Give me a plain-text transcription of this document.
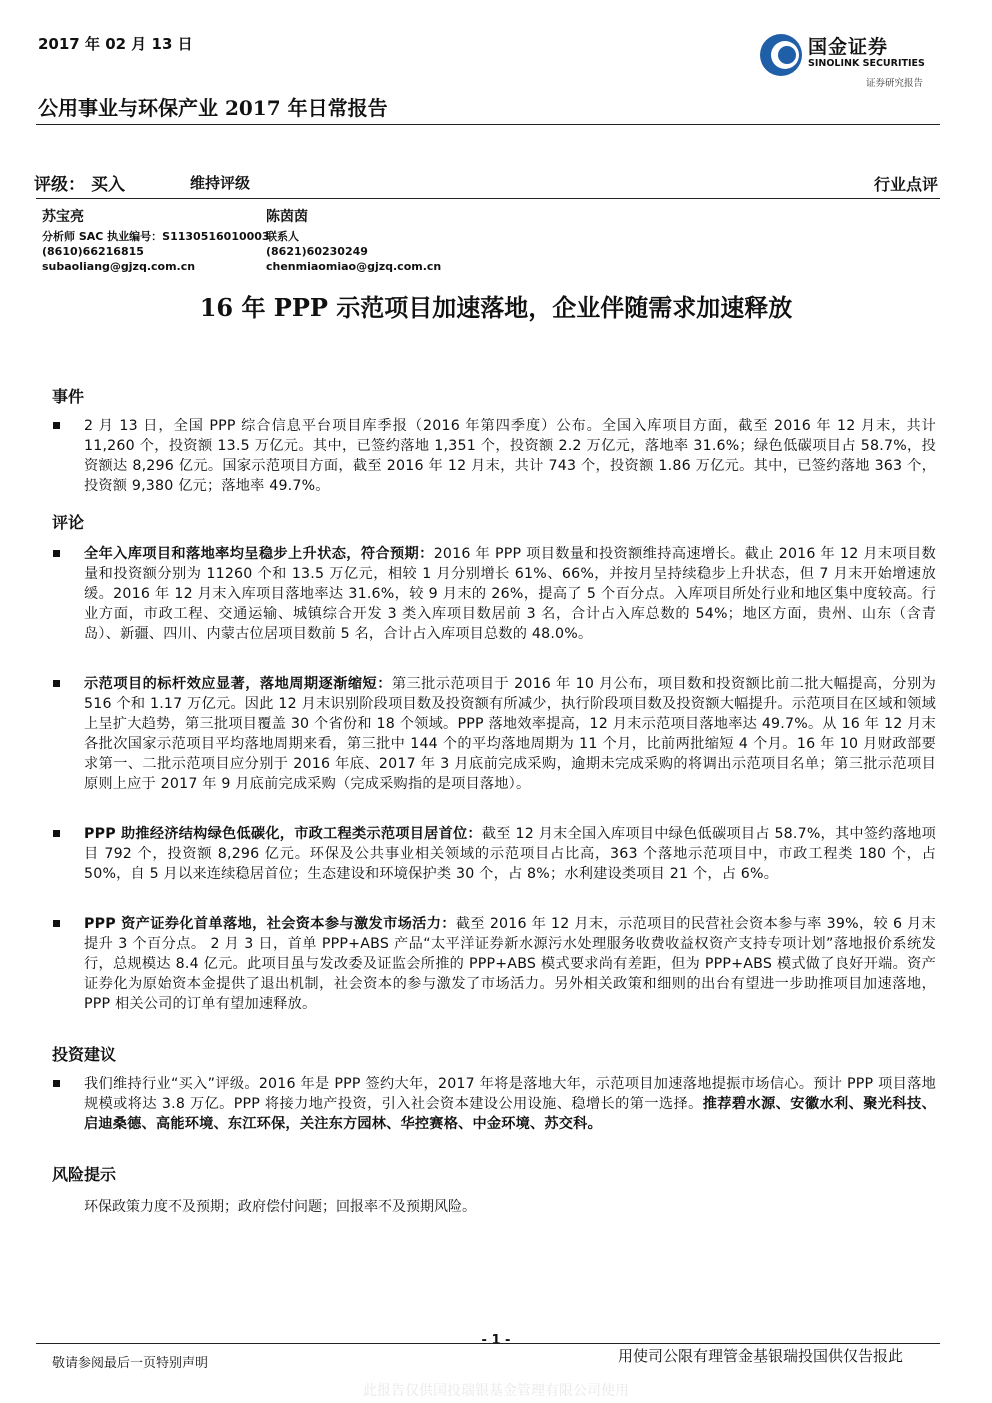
2017 年 02 月 13 日	国金证券
SINOLINK SECURITIES
证券研究报告
公用事业与环保产业 2017 年日常报告
评级： 买入	维持评级	行业点评
苏宝亮
分析师 SAC 执业编号：S1130516010003
(8610)66216815
subaoliang@gjzq.com.cn
陈茵茵
联系人
(8621)60230249
chenmiaomiao@gjzq.com.cn
16 年 PPP 示范项目加速落地，企业伴随需求加速释放
事件
2 月 13 日，全国 PPP 综合信息平台项目库季报（2016 年第四季度）公布。全国入库项目方面，截至 2016 年 12 月末，共计 11,260 个，投资额 13.5 万亿元。其中，已签约落地 1,351 个，投资额 2.2 万亿元，落地率 31.6%；绿色低碳项目占 58.7%，投资额达 8,296 亿元。国家示范项目方面，截至 2016 年 12 月末，共计 743 个，投资额 1.86 万亿元。其中，已签约落地 363 个，投资额 9,380 亿元；落地率 49.7%。
评论
全年入库项目和落地率均呈稳步上升状态，符合预期：2016 年 PPP 项目数量和投资额维持高速增长。截止 2016 年 12 月末项目数量和投资额分别为 11260 个和 13.5 万亿元，相较 1 月分别增长 61%、66%，并按月呈持续稳步上升状态，但 7 月末开始增速放缓。2016 年 12 月末入库项目落地率达 31.6%，较 9 月末的 26%，提高了 5 个百分点。入库项目所处行业和地区集中度较高。行业方面，市政工程、交通运输、城镇综合开发 3 类入库项目数居前 3 名，合计占入库总数的 54%；地区方面，贵州、山东（含青岛）、新疆、四川、内蒙古位居项目数前 5 名，合计占入库项目总数的 48.0%。
示范项目的标杆效应显著，落地周期逐渐缩短：第三批示范项目于 2016 年 10 月公布，项目数和投资额比前二批大幅提高，分别为 516 个和 1.17 万亿元。因此 12 月末识别阶段项目数及投资额有所减少，执行阶段项目数及投资额大幅提升。示范项目在区域和领域上呈扩大趋势，第三批项目覆盖 30 个省份和 18 个领域。PPP 落地效率提高，12 月末示范项目落地率达 49.7%。从 16 年 12 月末各批次国家示范项目平均落地周期来看，第三批中 144 个的平均落地周期为 11 个月，比前两批缩短 4 个月。16 年 10 月财政部要求第一、二批示范项目应分别于 2016 年底、2017 年 3 月底前完成采购，逾期未完成采购的将调出示范项目名单；第三批示范项目原则上应于 2017 年 9 月底前完成采购（完成采购指的是项目落地）。
PPP 助推经济结构绿色低碳化，市政工程类示范项目居首位：截至 12 月末全国入库项目中绿色低碳项目占 58.7%，其中签约落地项目 792 个，投资额 8,296 亿元。环保及公共事业相关领域的示范项目占比高，363 个落地示范项目中，市政工程类 180 个，占 50%，自 5 月以来连续稳居首位；生态建设和环境保护类 30 个，占 8%；水利建设类项目 21 个，占 6%。
PPP 资产证券化首单落地，社会资本参与激发市场活力：截至 2016 年 12 月末，示范项目的民营社会资本参与率 39%，较 6 月末提升 3 个百分点。 2 月 3 日，首单 PPP+ABS 产品“太平洋证券新水源污水处理服务收费收益权资产支持专项计划”落地报价系统发行，总规模达 8.4 亿元。此项目虽与发改委及证监会所推的 PPP+ABS 模式要求尚有差距，但为 PPP+ABS 模式做了良好开端。资产证券化为原始资本金提供了退出机制，社会资本的参与激发了市场活力。另外相关政策和细则的出台有望进一步助推项目加速落地，PPP 相关公司的订单有望加速释放。
投资建议
我们维持行业“买入”评级。2016 年是 PPP 签约大年，2017 年将是落地大年，示范项目加速落地提振市场信心。预计 PPP 项目落地规模或将达 3.8 万亿。PPP 将接力地产投资，引入社会资本建设公用设施、稳增长的第一选择。推荐碧水源、安徽水利、聚光科技、启迪桑德、高能环境、东江环保，关注东方园林、华控赛格、中金环境、苏交科。
风险提示
环保政策力度不及预期；政府偿付问题；回报率不及预期风险。
- 1 -
敬请参阅最后一页特别声明	用使司公限有理管金基银瑞投国供仅告报此
此报告仅供国投瑞银基金管理有限公司使用
